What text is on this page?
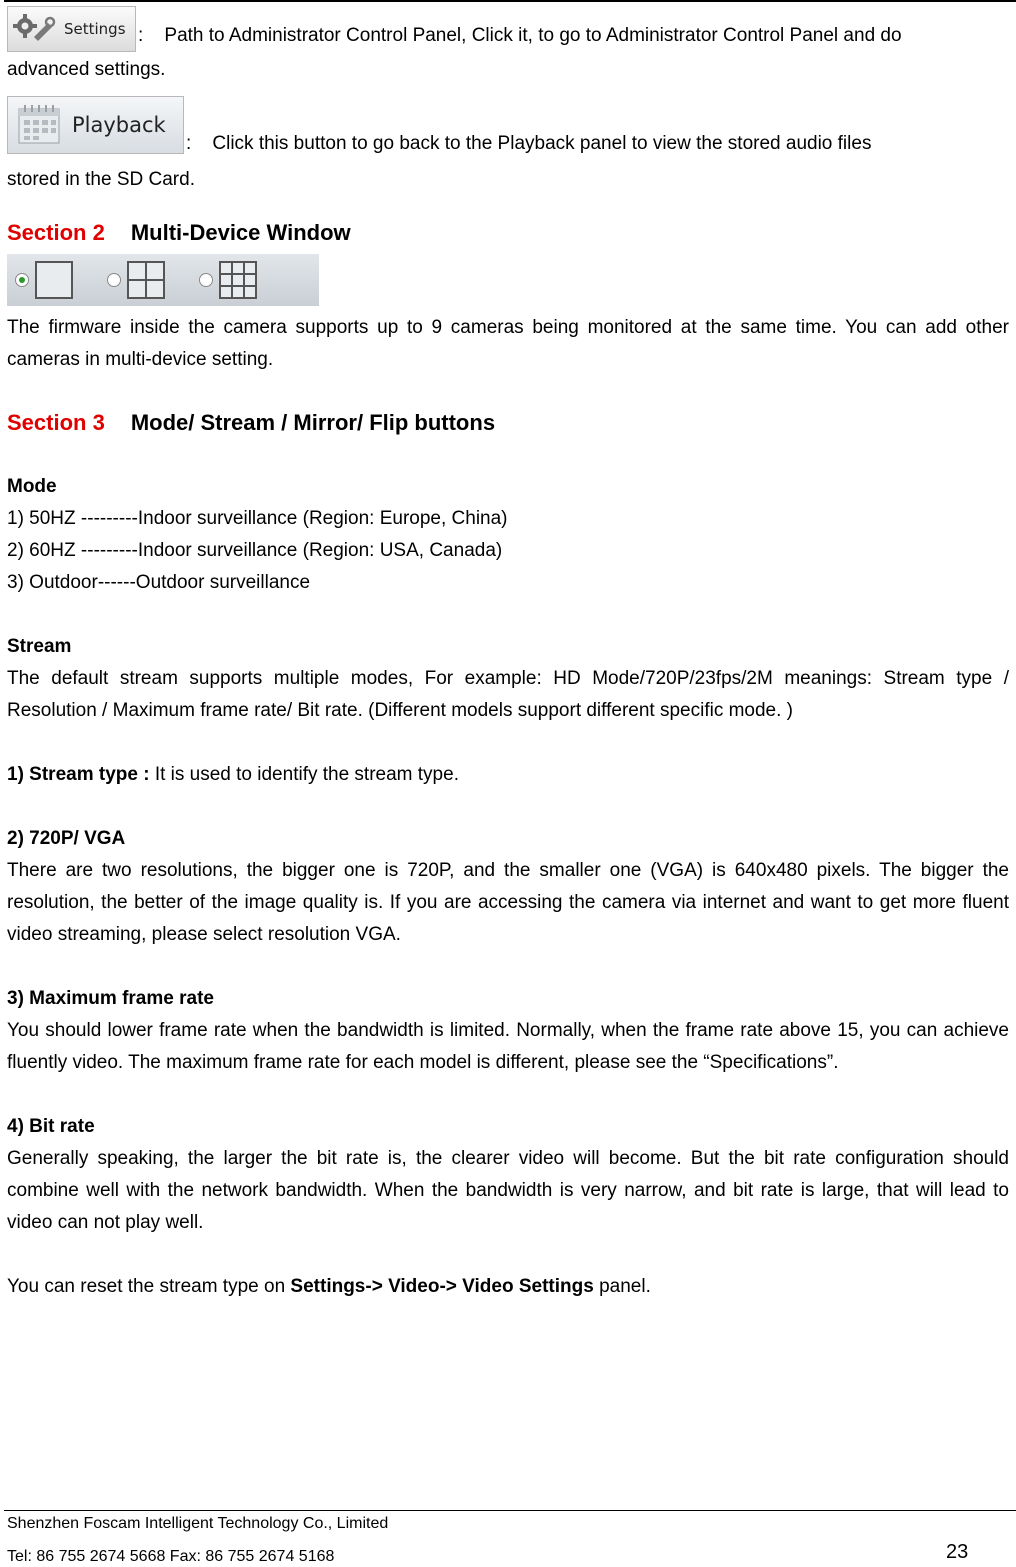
Settings :    Path to Administrator Control Panel, Click it, to go to Administrator Control Panel and do

advanced settings.

Playback
:    Click this button to go back to the Playback panel to view the stored audio files

stored in the SD Card.

Section 2 Multi-Device Window

The firmware inside the camera supports up to 9 cameras being monitored at the same time. You can add other cameras in multi-device setting.

Section 3 Mode/ Stream / Mirror/ Flip buttons

Mode

1) 50HZ ---------Indoor surveillance (Region: Europe, China)

2) 60HZ ---------Indoor surveillance (Region: USA, Canada)

3) Outdoor------Outdoor surveillance

Stream

The default stream supports multiple modes, For example: HD Mode/720P/23fps/2M meanings: Stream type / Resolution / Maximum frame rate/ Bit rate. (Different models support different specific mode. )

1) Stream type : It is used to identify the stream type.

2) 720P/ VGA

There are two resolutions, the bigger one is 720P, and the smaller one (VGA) is 640x480 pixels. The bigger the resolution, the better of the image quality is. If you are accessing the camera via internet and want to get more fluent video streaming, please select resolution VGA.

3) Maximum frame rate

You should lower frame rate when the bandwidth is limited. Normally, when the frame rate above 15, you can achieve fluently video. The maximum frame rate for each model is different, please see the “Specifications”.

4) Bit rate

Generally speaking, the larger the bit rate is, the clearer video will become. But the bit rate configuration should combine well with the network bandwidth. When the bandwidth is very narrow, and bit rate is large, that will lead to video can not play well.

You can reset the stream type on Settings-> Video-> Video Settings panel.

Shenzhen Foscam Intelligent Technology Co., Limited
Tel: 86 755 2674 5668 Fax: 86 755 2674 5168	23
